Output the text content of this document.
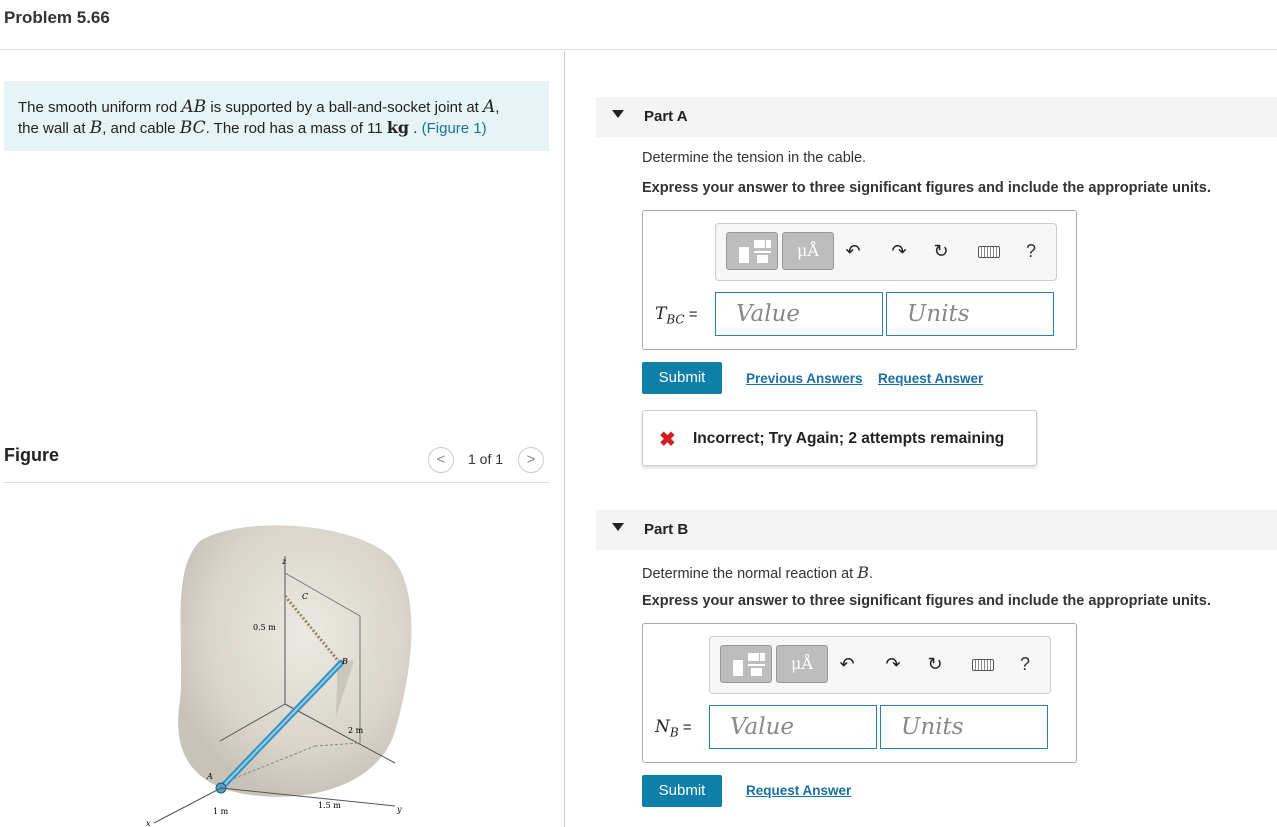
Problem 5.66
The smooth uniform rod AB is supported by a ball-and-socket joint at A,
the wall at B, and cable BC. The rod has a mass of 11 kg . (Figure 1)
Figure	<	1 of 1	>
z
C
B
A
x
y
0.5 m
2 m
1 m
1.5 m
Part A
Determine the tension in the cable.
Express your answer to three significant figures and include the appropriate units.
μÅ	↶	↷	↻	?
$T_{BC}$ =	Value	Units
Submit	Previous Answers Request Answer
✖ Incorrect; Try Again; 2 attempts remaining
Part B
Determine the normal reaction at B.
Express your answer to three significant figures and include the appropriate units.
μÅ	↶	↷	↻	?
$N_B$ =	Value	Units
Submit	Request Answer
